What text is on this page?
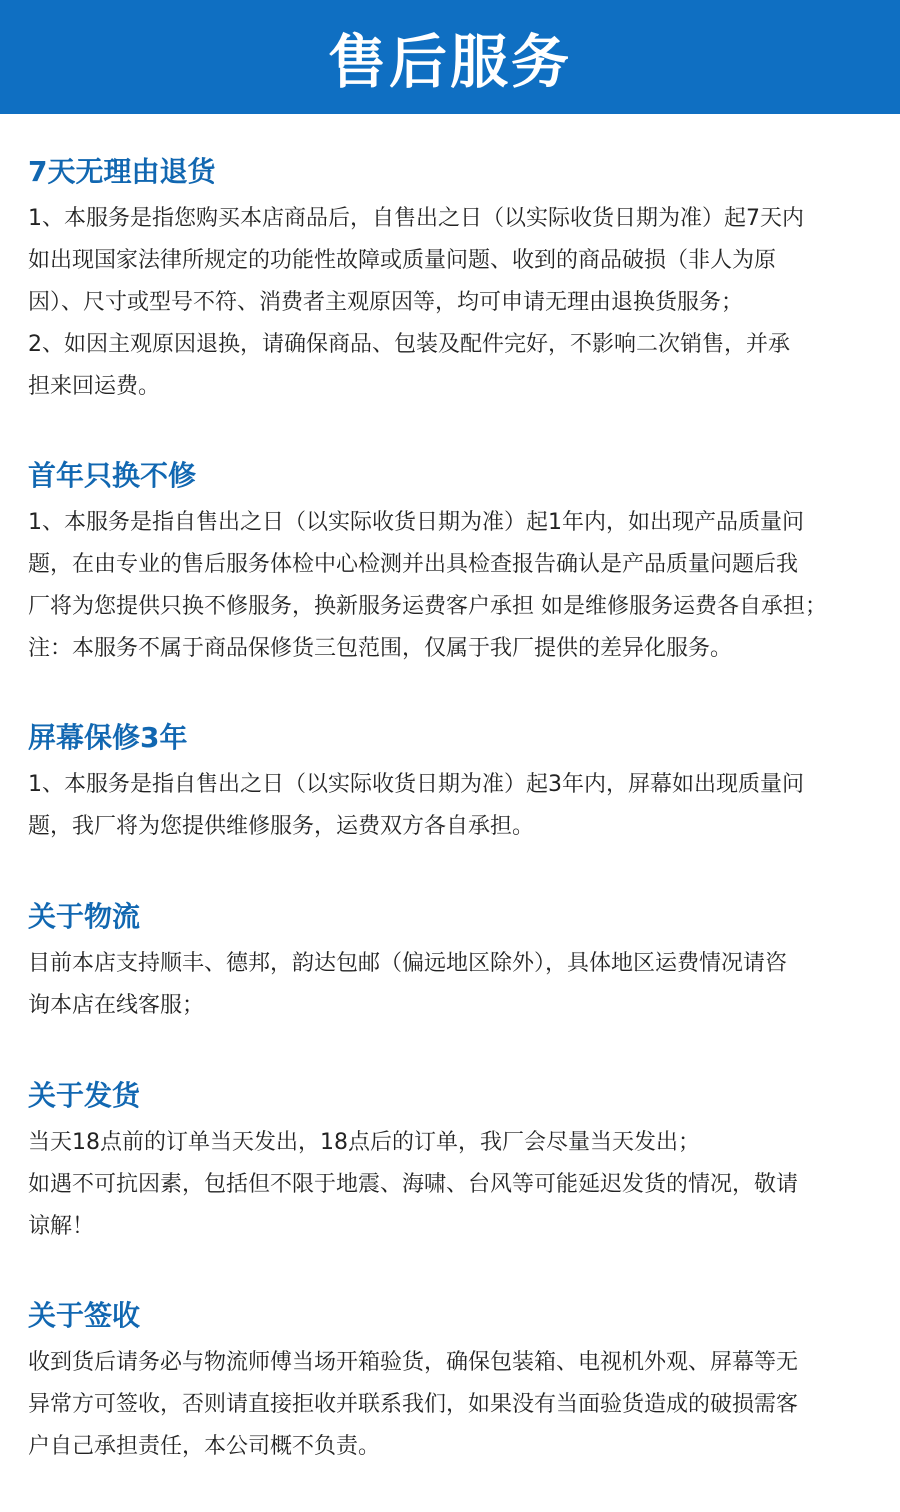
售后服务
7天无理由退货

1、本服务是指您购买本店商品后，自售出之日（以实际收货日期为准）起7天内

如出现国家法律所规定的功能性故障或质量问题、收到的商品破损（非人为原

因）、尺寸或型号不符、消费者主观原因等，均可申请无理由退换货服务；

2、如因主观原因退换，请确保商品、包装及配件完好，不影响二次销售，并承

担来回运费。

首年只换不修

1、本服务是指自售出之日（以实际收货日期为准）起1年内，如出现产品质量问

题，在由专业的售后服务体检中心检测并出具检查报告确认是产品质量问题后我

厂将为您提供只换不修服务，换新服务运费客户承担 如是维修服务运费各自承担；

注：本服务不属于商品保修货三包范围，仅属于我厂提供的差异化服务。

屏幕保修3年

1、本服务是指自售出之日（以实际收货日期为准）起3年内，屏幕如出现质量问

题，我厂将为您提供维修服务，运费双方各自承担。

关于物流

目前本店支持顺丰、德邦，韵达包邮（偏远地区除外），具体地区运费情况请咨

询本店在线客服；

关于发货

当天18点前的订单当天发出，18点后的订单，我厂会尽量当天发出；

如遇不可抗因素，包括但不限于地震、海啸、台风等可能延迟发货的情况，敬请

谅解！

关于签收

收到货后请务必与物流师傅当场开箱验货，确保包装箱、电视机外观、屏幕等无

异常方可签收，否则请直接拒收并联系我们，如果没有当面验货造成的破损需客

户自己承担责任，本公司概不负责。
